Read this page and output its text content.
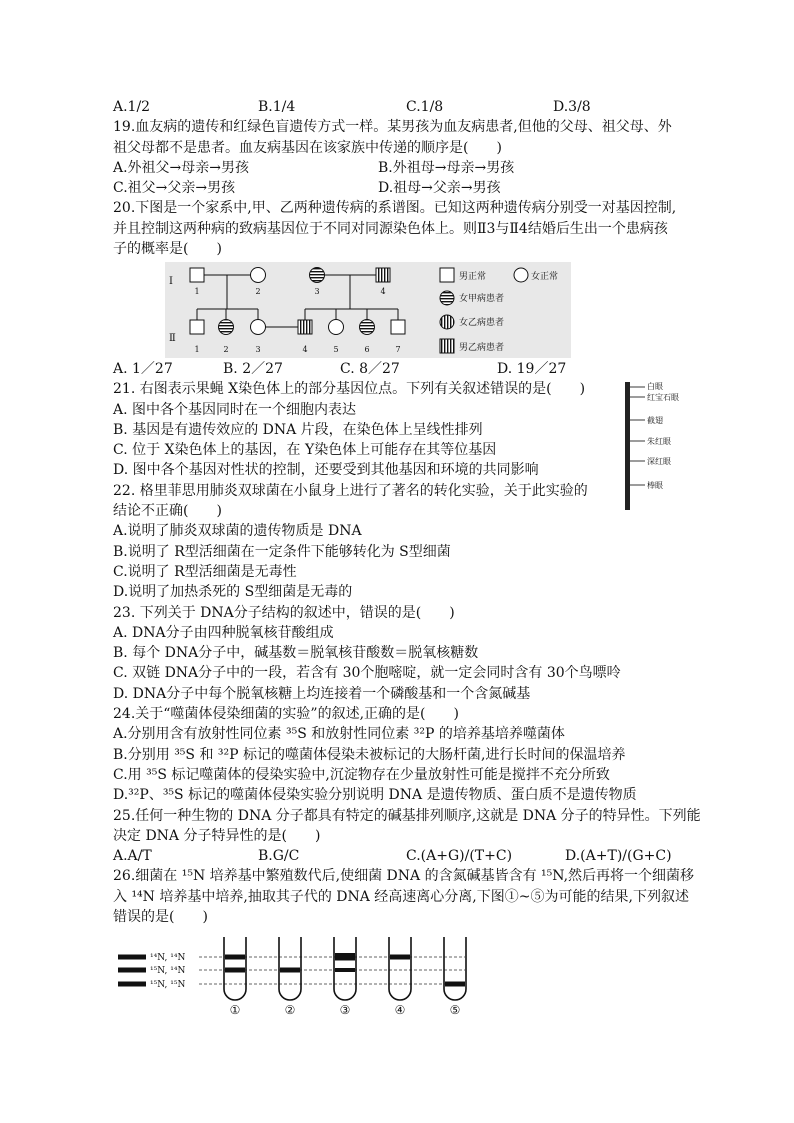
A.1/2	B.1/4	C.1/8	D.3/8
19.血友病的遗传和红绿色盲遗传方式一样。某男孩为血友病患者,但他的父母、祖父母、外
祖父母都不是患者。血友病基因在该家族中传递的顺序是(　　)
A.外祖父→母亲→男孩	B.外祖母→母亲→男孩
C.祖父→父亲→男孩	D.祖母→父亲→男孩
20.下图是一个家系中,甲、乙两种遗传病的系谱图。已知这两种遗传病分别受一对基因控制,
并且控制这两种病的致病基因位于不同对同源染色体上。则Ⅱ3与Ⅱ4结婚后生出一个患病孩
子的概率是(　　)
Ⅰ
Ⅱ
1	2	3	4
1	2	3	4	5	6	7
男正常	女正常
女甲病患者
女乙病患者
男乙病患者
A. 1／27	B. 2／27	C. 8／27	D. 19／27
21. 右图表示果蝇 X染色体上的部分基因位点。下列有关叙述错误的是(　　)
A. 图中各个基因同时在一个细胞内表达
B. 基因是有遗传效应的 DNA 片段，在染色体上呈线性排列
C. 位于 X染色体上的基因，在 Y染色体上可能存在其等位基因
D. 图中各个基因对性状的控制，还要受到其他基因和环境的共同影响
22. 格里菲思用肺炎双球菌在小鼠身上进行了著名的转化实验，关于此实验的
结论不正确(　　)
A.说明了肺炎双球菌的遗传物质是 DNA
B.说明了 R型活细菌在一定条件下能够转化为 S型细菌
C.说明了 R型活细菌是无毒性
D.说明了加热杀死的 S型细菌是无毒的
23. 下列关于 DNA分子结构的叙述中，错误的是(　　)
A. DNA分子由四种脱氧核苷酸组成
B. 每个 DNA分子中，碱基数＝脱氧核苷酸数＝脱氧核糖数
C. 双链 DNA分子中的一段，若含有 30个胞嘧啶，就一定会同时含有 30个鸟嘌呤
D. DNA分子中每个脱氧核糖上均连接着一个磷酸基和一个含氮碱基
24.关于“噬菌体侵染细菌的实验”的叙述,正确的是(　　)
A.分别用含有放射性同位素 ³⁵S 和放射性同位素 ³²P 的培养基培养噬菌体
B.分别用 ³⁵S 和 ³²P 标记的噬菌体侵染未被标记的大肠杆菌,进行长时间的保温培养
C.用 ³⁵S 标记噬菌体的侵染实验中,沉淀物存在少量放射性可能是搅拌不充分所致
D.³²P、³⁵S 标记的噬菌体侵染实验分别说明 DNA 是遗传物质、蛋白质不是遗传物质
25.任何一种生物的 DNA 分子都具有特定的碱基排列顺序,这就是 DNA 分子的特异性。下列能
决定 DNA 分子特异性的是(　　)
A.A/T	B.G/C	C.(A+G)/(T+C)	D.(A+T)/(G+C)
26.细菌在 ¹⁵N 培养基中繁殖数代后,使细菌 DNA 的含氮碱基皆含有 ¹⁵N,然后再将一个细菌移
入 ¹⁴N 培养基中培养,抽取其子代的 DNA 经高速离心分离,下图①~⑤为可能的结果,下列叙述
错误的是(　　)
¹⁴N, ¹⁴N
¹⁵N, ¹⁴N
¹⁵N, ¹⁵N
①	②	③	④	⑤
白眼
红宝石眼
截翅
朱红眼
深红眼
棒眼
